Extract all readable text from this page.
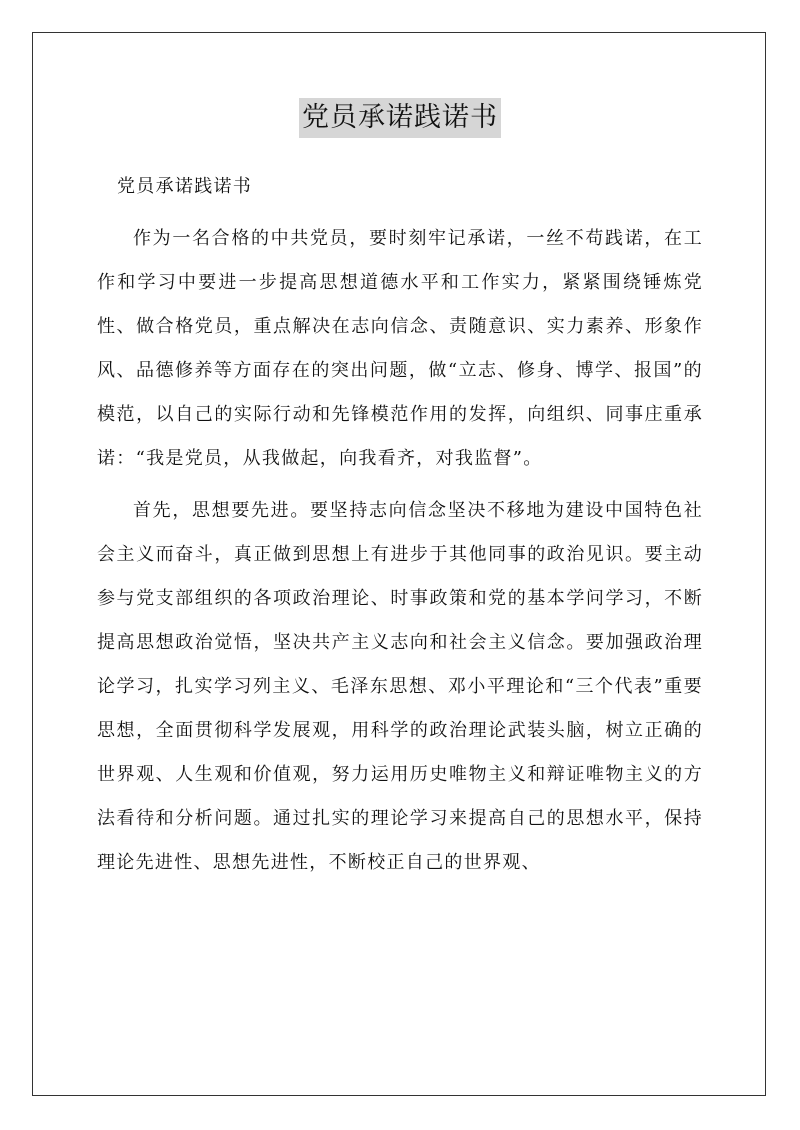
党员承诺践诺书

党员承诺践诺书

作为一名合格的中共党员，要时刻牢记承诺，一丝不苟践诺，在工作和学习中要进一步提高思想道德水平和工作实力，紧紧围绕锤炼党性、做合格党员，重点解决在志向信念、责随意识、实力素养、形象作风、品德修养等方面存在的突出问题，做“立志、修身、博学、报国”的模范，以自己的实际行动和先锋模范作用的发挥，向组织、同事庄重承诺：“我是党员，从我做起，向我看齐，对我监督”。

首先，思想要先进。要坚持志向信念坚决不移地为建设中国特色社会主义而奋斗，真正做到思想上有进步于其他同事的政治见识。要主动参与党支部组织的各项政治理论、时事政策和党的基本学问学习，不断提高思想政治觉悟，坚决共产主义志向和社会主义信念。要加强政治理论学习，扎实学习列主义、毛泽东思想、邓小平理论和“三个代表”重要思想，全面贯彻科学发展观，用科学的政治理论武装头脑，树立正确的世界观、人生观和价值观，努力运用历史唯物主义和辩证唯物主义的方法看待和分析问题。通过扎实的理论学习来提高自己的思想水平，保持理论先进性、思想先进性，不断校正自己的世界观、
